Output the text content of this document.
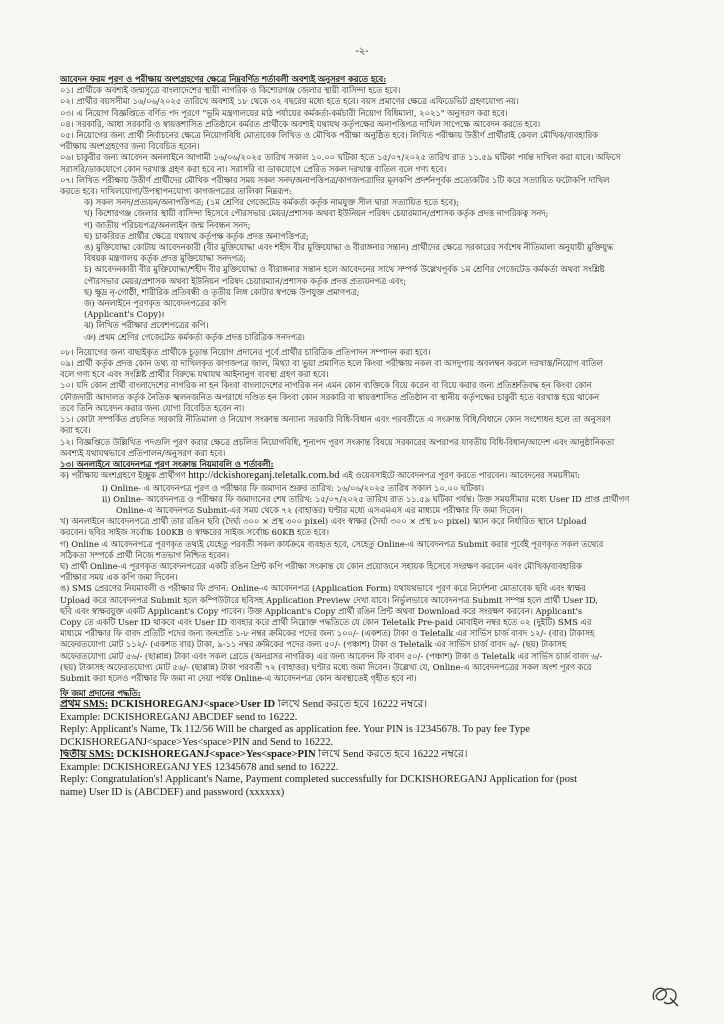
-২-
আবেদন ফরম পূরণ ও পরীক্ষায় অংশগ্রহণের ক্ষেত্রে নিম্নবর্ণিত শর্তাবলী অবশ্যই অনুসরণ করতে হবে:
০১। প্রার্থীকে অবশ্যই জন্মসূত্রে বাংলাদেশের স্থায়ী নাগরিক ও কিশোরগঞ্জ জেলার স্থায়ী বাসিন্দা হতে হবে।
০২। প্রার্থীর বয়সসীমা ১৬/০৬/২০২৫ তারিখে অবশ্যই ১৮ থেকে ৩২ বছরের মধ্যে হতে হবে। বয়স প্রমাণের ক্ষেত্রে এফিডেভিট গ্রহণযোগ্য নয়।
০৩। এ নিয়োগ বিজ্ঞপ্তিতে বর্ণিত পদ পূরণে "ভূমি মন্ত্রণালয়ের মাঠ পর্যায়ের কর্মকর্তা-কর্মচারী নিয়োগ বিধিমালা, ২০২১" অনুসরণ করা হবে।
০৪। সরকারি, আধা সরকারি ও স্বায়ত্তশাসিত প্রতিষ্ঠানে কর্মরত প্রার্থীকে অবশ্যই যথাযথ কর্তৃপক্ষের অনাপত্তিপত্র দাখিল সাপেক্ষে আবেদন করতে হবে।
০৫। নিয়োগের জন্য প্রার্থী নির্বাচনের ক্ষেত্রে নিয়োগবিধি মোতাবেক লিখিত ও মৌখিক পরীক্ষা অনুষ্ঠিত হবে। লিখিত পরীক্ষায় উত্তীর্ণ প্রার্থীরাই কেবল মৌখিক/ব্যবহারিক
পরীক্ষায় অংশগ্রহণের জন্য বিবেচিত হবেন।
০৬। চাকুরীর জন্য আবেদন অনলাইনে আগামী ১৬/০৬/২০২৫ তারিখ সকাল ১০.০০ ঘটিকা হতে ১৫/০৭/২০২৫ তারিখ রাত ১১.৫৯ ঘটিকা পর্যন্ত দাখিল করা যাবে। অফিসে
সরাসরি/ডাকযোগে কোন দরখাস্ত গ্রহণ করা হবে না। সরাসরি বা ডাকযোগে প্রেরিত সকল দরখাস্ত বাতিল বলে গণ্য হবে।
০৭। লিখিত পরীক্ষায় উত্তীর্ণ প্রার্থীদের মৌখিক পরীক্ষার সময় সকল সনদ/অনাপত্তিপত্র/কাগজপত্রাদির মূলকপি প্রদর্শনপূর্বক প্রত্যেকটির ১টি করে সত্যায়িত ফটোকপি দাখিল
করতে হবে। দাখিলযোগ্য/উপস্থাপনযোগ্য কাগজপত্রের তালিকা নিম্নরূপ:
ক) সকল সনদ/প্রত্যয়ন/অনাপত্তিপত্র; (১ম শ্রেণির গেজেটেড কর্মকর্তা কর্তৃক নামযুক্ত সীল দ্বারা সত্যায়িত হতে হবে);
খ) কিশোরগঞ্জ জেলার স্থায়ী বাসিন্দা হিসেবে পৌরসভার মেয়র/প্রশাসক অথবা ইউনিয়ন পরিষদ চেয়ারম্যান/প্রশাসক কর্তৃক প্রদত্ত নাগরিকত্ব সনদ;
গ) জাতীয় পরিচয়পত্র/অনলাইন জন্ম নিবন্ধন সনদ;
ঘ) চাকরিরত প্রার্থীর ক্ষেত্রে যথাযথ কর্তৃপক্ষ কর্তৃক প্রদত্ত অনাপত্তিপত্র;
ঙ) মুক্তিযোদ্ধা কোটায় আবেদনকারী (বীর মুক্তিযোদ্ধা এবং শহীদ বীর মুক্তিযোদ্ধা ও বীরাঙ্গনার সন্তান) প্রার্থীদের ক্ষেত্রে সরকারের সর্বশেষ নীতিমালা অনুযায়ী মুক্তিযুদ্ধ
বিষয়ক মন্ত্রণালয় কর্তৃক প্রদত্ত মুক্তিযোদ্ধা সনদপত্র;
চ) আবেদনকারী বীর মুক্তিযোদ্ধা/শহীদ বীর মুক্তিযোদ্ধা ও বীরাঙ্গনার সন্তান হলে আবেদনের সাথে সম্পর্ক উল্লেখপূর্বক ১ম শ্রেণির গেজেটেড কর্মকর্তা অথবা সংশ্লিষ্ট
পৌরসভার মেয়র/প্রশাসক অথবা ইউনিয়ন পরিষদ চেয়ারম্যান/প্রশাসক কর্তৃক প্রদত্ত প্রত্যয়নপত্র এবং;
ছ) ক্ষুদ্র নৃ-গোষ্ঠী, শারীরিক প্রতিবন্ধী ও তৃতীয় লিঙ্গ কোটার স্বপক্ষে উপযুক্ত প্রমাণপত্র;
জ) অনলাইনে পূরণকৃত আবেদনপত্রের কপি
(Applicant's Copy)।
ঝ) লিখিত পরীক্ষার প্রবেশপত্রের কপি।
ঞ) প্রথম শ্রেণির গেজেটেড কর্মকর্তা কর্তৃক প্রদত্ত চারিত্রিক সনদপত্র।
০৮। নিয়োগের জন্য বাছাইকৃত প্রার্থীকে চূড়ান্ত নিয়োগ প্রদানের পূর্বে প্রার্থীর চারিত্রিক প্রতিপাদন সম্পাদন করা হবে।
০৯। প্রার্থী কর্তৃক প্রদত্ত কোন তথ্য বা দাখিলকৃত কাগজপত্র জাল, মিথ্যা বা ভুয়া প্রমাণিত হলে কিংবা পরীক্ষায় নকল বা অসদুপায় অবলম্বন করলে দরখাস্ত/নিয়োগ বাতিল
বলে গণ্য হবে এবং সংশ্লিষ্ট প্রার্থীর বিরুদ্ধে যথাযথ আইনানুগ ব্যবস্থা গ্রহণ করা হবে।
১০। যদি কোন প্রার্থী বাংলাদেশের নাগরিক না হন কিংবা বাংলাদেশের নাগরিক নন এমন কোন ব্যক্তিকে বিয়ে করেন বা বিয়ে করার জন্য প্রতিশ্রুতিবদ্ধ হন কিংবা কোন
ফৌজদারী আদালত কর্তৃক নৈতিক স্খলনজনিত অপরাধে দণ্ডিত হন কিংবা কোন সরকারি বা স্বায়ত্তশাসিত প্রতিষ্ঠান বা স্থানীয় কর্তৃপক্ষের চাকুরী হতে বরখাস্ত হয়ে থাকেন
তবে তিনি আবেদন করার জন্য যোগ্য বিবেচিত হবেন না।
১১। কোটা সম্পর্কিত প্রচলিত সরকারি নীতিমালা ও নিয়োগ সংক্রান্ত অন্যান্য সরকারি বিধি-বিধান এবং পরবর্তীতে এ সংক্রান্ত বিধি/বিধানে কোন সংশোধন হলে তা অনুসরণ
করা হবে।
১২। বিজ্ঞপ্তিতে উল্লিখিত পদগুলি পূরণ করার ক্ষেত্রে প্রচলিত নিয়োগবিধি, শূন্যপদ পূরণ সংক্রান্ত বিষয়ে সরকারের অপরাপর যাবতীয় বিধি-বিধান/আদেশ এবং আনুষ্ঠানিকতা
অবশ্যই যথাযথভাবে প্রতিপালন/অনুসরণ করা হবে।
১৩। অনলাইনে আবেদনপত্র পূরণ সংক্রান্ত নিয়মাবলি ও শর্তাবলী:
ক) পরীক্ষায় অংশগ্রহণে ইচ্ছুক প্রার্থীগণ http://dckishoreganj.teletalk.com.bd এই ওয়েবসাইটে আবেদনপত্র পূরণ করতে পারবেন। আবেদনের সময়সীমা:
i) Online- এ আবেদনপত্র পূরণ ও পরীক্ষার ফি জমাদান শুরুর তারিখ: ১৬/০৬/২০২৫ তারিখ সকাল ১০.০০ ঘটিকা।
ii) Online- আবেদনপত্র ও পরীক্ষার ফি জমাদানের শেষ তারিখ: ১৫/০৭/২০২৫ তারিখ রাত ১১.৫৯ ঘটিকা পর্যন্ত। উক্ত সময়সীমার মধ্যে User ID প্রাপ্ত প্রার্থীগণ
Online-এ আবেদনপত্র Submit-এর সময় থেকে ৭২ (বাহাত্তর) ঘণ্টার মধ্যে এসএমএস এর মাধ্যমে পরীক্ষার ফি জমা দিবেন।
খ) অনলাইনে আবেদনপত্রে প্রার্থী তার রঙিন ছবি (দৈর্ঘ্য ৩০০ × প্রস্থ ৩০০ pixel) এবং স্বাক্ষর (দৈর্ঘ্য ৩০০ × প্রস্থ ৮০ pixel) স্ক্যান করে নির্ধারিত স্থানে Upload
করবেন। ছবির সাইজ সর্বোচ্চ 100KB ও স্বাক্ষরের সাইজ সর্বোচ্চ 60KB হতে হবে।
গ) Online এ আবেদনপত্রে পূরণকৃত তথ্যই যেহেতু পরবর্তী সকল কার্যক্রমে ব্যবহৃত হবে, সেহেতু Online-এ আবেদনপত্র Submit করার পূর্বেই পূরণকৃত সকল তথ্যের
সঠিকতা সম্পর্কে প্রার্থী নিজে শতভাগ নিশ্চিত হবেন।
ঘ) প্রার্থী Online-এ পূরণকৃত আবেদনপত্রের একটি রঙিন প্রিন্ট কপি পরীক্ষা সংক্রান্ত যে কোন প্রয়োজনে সহায়ক হিসেবে সংরক্ষণ করবেন এবং মৌখিক/ব্যবহারিক
পরীক্ষার সময় এক কপি জমা দিবেন।
ঙ) SMS প্রেরণের নিয়মাবলী ও পরীক্ষার ফি প্রদান: Online-এ আবেদনপত্র (Application Form) যথাযথভাবে পূরণ করে নির্দেশনা মোতাবেক ছবি এবং স্বাক্ষর
Upload করে আবেদনপত্র Submit হলে কম্পিউটারে ছবিসহ Application Preview দেখা যাবে। নির্ভুলভাবে আবেদনপত্র Submit সম্পন্ন হলে প্রার্থী User ID,
ছবি এবং স্বাক্ষরযুক্ত একটি Applicant's Copy পাবেন। উক্ত Applicant's Copy প্রার্থী রঙিন প্রিন্ট অথবা Download করে সংরক্ষণ করবেন। Applicant's
Copy তে একটি User ID থাকবে এবং User ID ব্যবহার করে প্রার্থী নিম্নোক্ত পদ্ধতিতে যে কোন Teletalk Pre-paid মোবাইল নম্বর হতে ০২ (দুইটি) SMS এর
মাধ্যমে পরীক্ষার ফি বাবদ প্রতিটি পদের জন্য জনপ্রতি ১-৮ নম্বর ক্রমিকের পদের জন্য ১০০/- (একশত) টাকা ও Teletalk এর সার্ভিস চার্জ বাবদ ১২/- (বার) টাকাসহ
অফেরতযোগ্য মোট ১১২/- (একশত বার) টাকা, ৯-১১ নম্বর ক্রমিকের পদের জন্য ৫০/- (পঞ্চাশ) টাকা ও Teletalk এর সার্ভিস চার্জ বাবদ ৬/- (ছয়) টাকাসহ
অফেরতযোগ্য মোট ৫৬/- (ছাপ্পান্ন) টাকা এবং সকল গ্রেডে (অনগ্রসর নাগরিক) এর জন্য আবেদন ফি বাবদ ৫০/- (পঞ্চাশ) টাকা ও Teletalk এর সার্ভিস চার্জ বাবদ ৬/-
(ছয়) টাকাসহ অফেরতযোগ্য মোট ৫৬/- (ছাপ্পান্ন) টাকা পরবর্তী ৭২ (বাহাত্তর) ঘণ্টার মধ্যে জমা দিবেন। উল্লেখ্য যে, Online-এ আবেদনপত্রের সকল অংশ পূরণ করে
Submit করা হলেও পরীক্ষার ফি জমা না দেয়া পর্যন্ত Online-এ আবেদনপত্র কোন অবস্থাতেই গৃহীত হবে না।
ফি জমা প্রদানের পদ্ধতি:
প্রথম SMS: DCKISHOREGANJ<space>User ID লিখে Send করতে হবে 16222 নম্বরে।
Example: DCKISHOREGANJ ABCDEF send to 16222.
Reply: Applicant's Name, Tk 112/56 Will be charged as application fee. Your PIN is 12345678. To pay fee Type
DCKISHOREGANJ<space>Yes<space>PIN and Send to 16222.
দ্বিতীয় SMS: DCKISHOREGANJ<space>Yes<space>PIN লিখে Send করতে হবে 16222 নম্বরে।
Example: DCKISHOREGANJ YES 12345678 and send to 16222.
Reply: Congratulation's! Applicant's Name, Payment completed successfully for DCKISHOREGANJ Application for (post
name) User ID is (ABCDEF) and password (xxxxxx)
